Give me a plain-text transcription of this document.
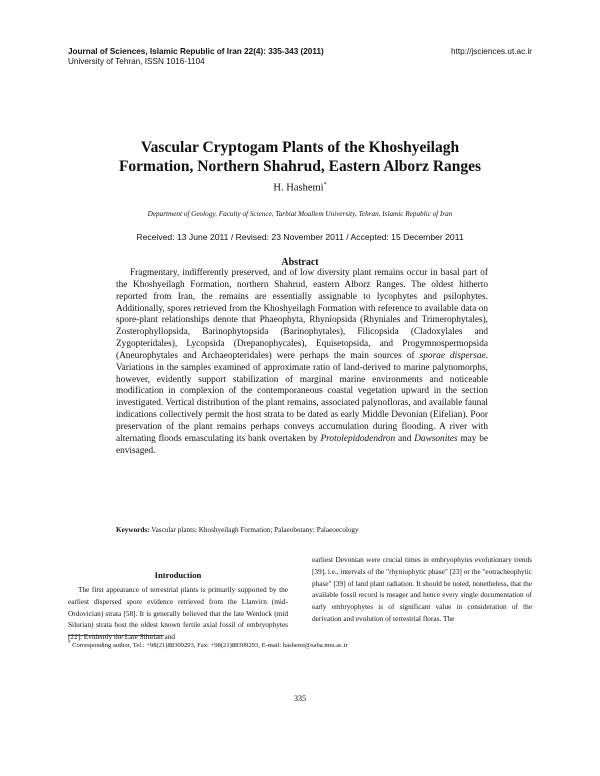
Journal of Sciences, Islamic Republic of Iran 22(4): 335-343 (2011)
University of Tehran, ISSN 1016-1104
http://jsciences.ut.ac.ir
Vascular Cryptogam Plants of the Khoshyeilagh
Formation, Northern Shahrud, Eastern Alborz Ranges
H. Hashemi*
Department of Geology, Faculty of Science, Tarbiat Moallem University, Tehran, Islamic Republic of Iran
Received: 13 June 2011 / Revised: 23 November 2011 / Accepted: 15 December 2011
Abstract
Fragmentary, indifferently preserved, and of low diversity plant remains occur in basal part of the Khoshyeilagh Formation, northern Shahrud, eastern Alborz Ranges. The oldest hitherto reported from Iran, the remains are essentially assignable to lycophytes and psilophytes. Additionally, spores retrieved from the Khoshyeilagh Formation with reference to available data on spore-plant relationships denote that Phaeophyta, Rhyniopsida (Rhyniales and Trimerophytales), Zosterophyllopsida, Barinophytopsida (Barinophytales), Filicopsida (Cladoxylales and Zygopteridales), Lycopsida (Drepanophycales), Equisetopsida, and Progymnospermopsida (Aneurophytales and Archaeopteridales) were perhaps the main sources of sporae dispersae. Variations in the samples examined of approximate ratio of land-derived to marine palynomorphs, however, evidently support stabilization of marginal marine environments and noticeable modification in complexion of the contemporaneous coastal vegetation upward in the section investigated. Vertical distribution of the plant remains, associated palynofloras, and available faunal indications collectively permit the host strata to be dated as early Middle Devonian (Eifelian). Poor preservation of the plant remains perhaps conveys accumulation during flooding. A river with alternating floods emasculating its bank overtaken by Protolepidodendron and Dawsonites may be envisaged.
Keywords: Vascular plants; Khoshyeilagh Formation; Palaeobotany; Palaeoecology
Introduction
The first appearance of terrestrial plants is primarily supported by the earliest dispersed spore evidence retrieved from the Llanvirn (mid-Ordovician) strata [58]. It is generally believed that the late Wenlock (mid Silurian) strata host the oldest known fertile axial fossil of embryophytes [22]. Evidently the Late Silurian and
earliest Devonian were crucial times in embryophytes evolutionary trends [39], i.e., intervals of the "rhyniophytic phase" [23] or the "eotracheophytic phase" [39] of land plant radiation. It should be noted, nonetheless, that the available fossil record is meager and hence every single documentation of early embryophytes is of significant value in consideration of the derivation and evolution of terrestrial floras. The
* Corresponding author, Tel.: +98(21)88309293, Fax: +98(21)88309293, E-mail: hashemi@saba.tmu.ac.ir
335
